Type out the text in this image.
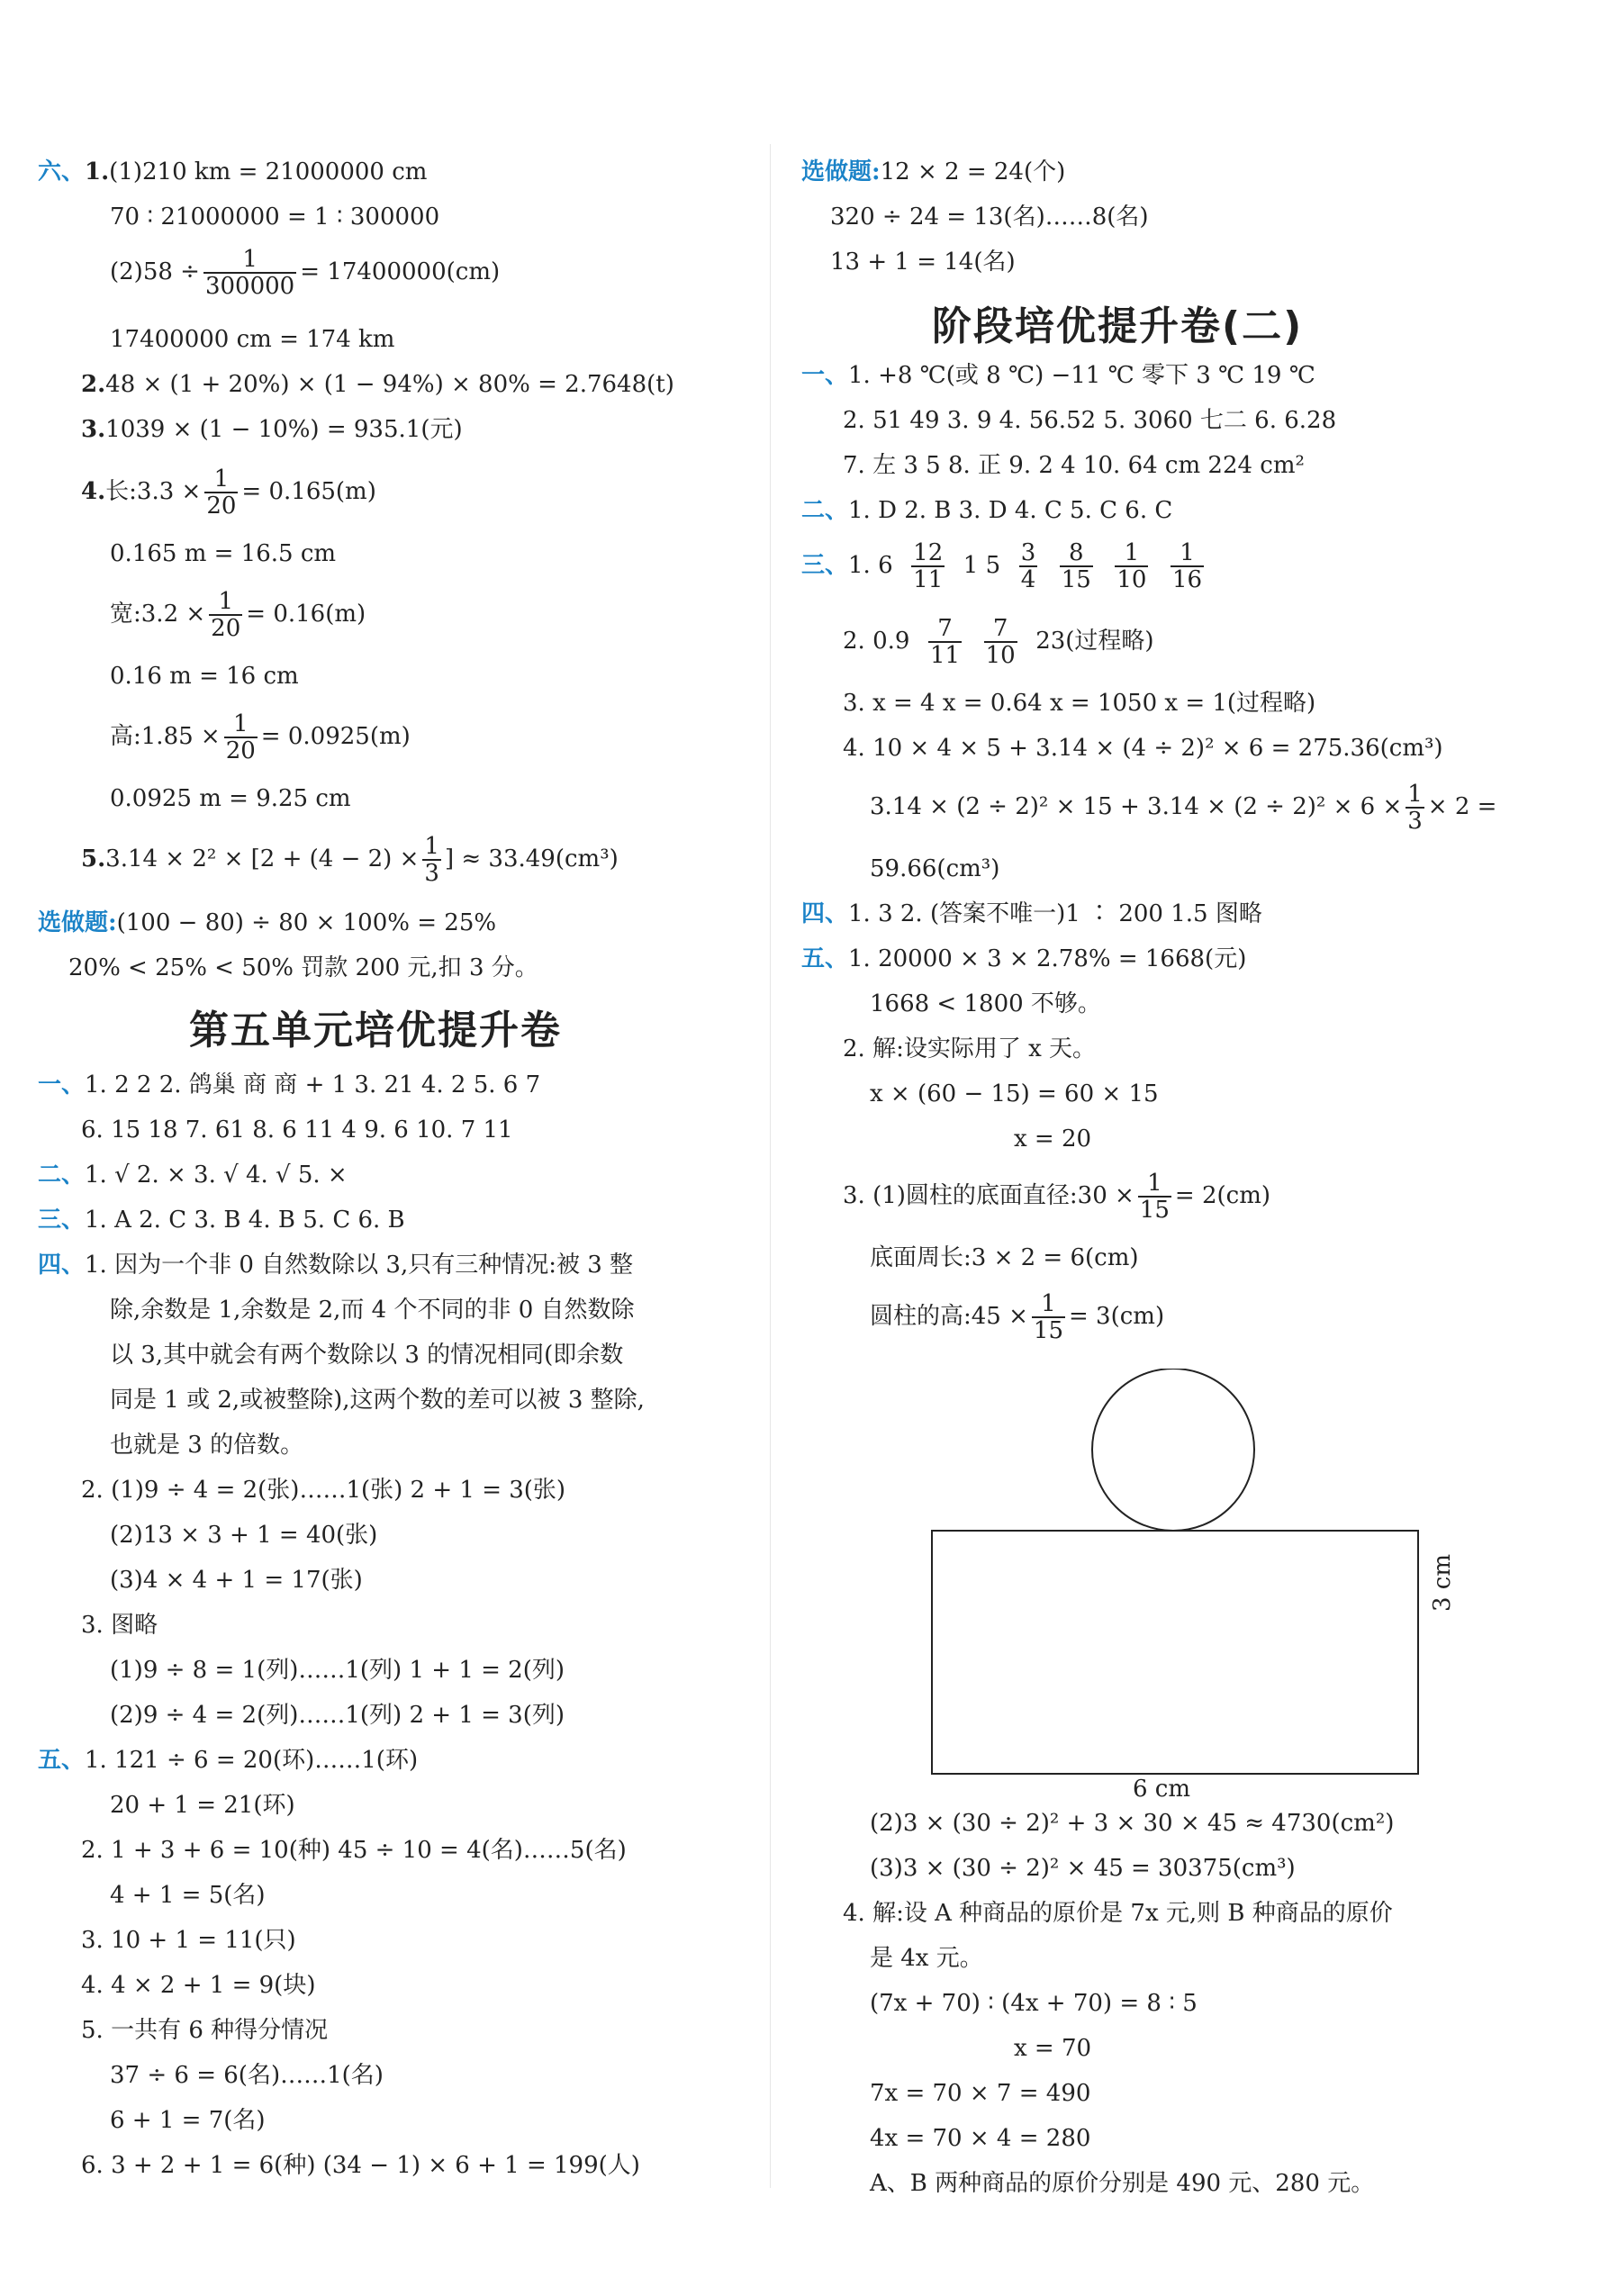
六、1.(1)210 km = 21000000 cm
70 ∶ 21000000 = 1 ∶ 300000
$(2)58 \div \frac{1}{300000} = 17400000(cm)$
17400000 cm = 174 km
2.48 × (1 + 20%) × (1 − 94%) × 80% = 2.7648(t)
3.1039 × (1 − 10%) = 935.1(元)
4.长:3.3 × $\frac{1}{20} = 0.165(m)$
0.165 m = 16.5 cm
宽:3.2 × $\frac{1}{20} = 0.16(m)$
0.16 m = 16 cm
高:1.85 × $\frac{1}{20} = 0.0925(m)$
0.0925 m = 9.25 cm
$5.3.14 \times 2^2 \times [2 + (4 - 2) \times \frac{1}{3}$ ] ≈ 33.49(cm³)
选做题:(100 − 80) ÷ 80 × 100% = 25%
20% < 25% < 50% 罚款 200 元,扣 3 分。
第五单元培优提升卷
一、1. 2 2 2. 鸽巢 商 商 + 1 3. 21 4. 2 5. 6 7
6. 15 18 7. 61 8. 6 11 4 9. 6 10. 7 11
二、1. √ 2. × 3. √ 4. √ 5. ×
三、1. A 2. C 3. B 4. B 5. C 6. B
四、1. 因为一个非 0 自然数除以 3,只有三种情况:被 3 整
除,余数是 1,余数是 2,而 4 个不同的非 0 自然数除
以 3,其中就会有两个数除以 3 的情况相同(即余数
同是 1 或 2,或被整除),这两个数的差可以被 3 整除,
也就是 3 的倍数。
2. (1)9 ÷ 4 = 2(张)……1(张) 2 + 1 = 3(张)
(2)13 × 3 + 1 = 40(张)
(3)4 × 4 + 1 = 17(张)
3. 图略
(1)9 ÷ 8 = 1(列)……1(列) 1 + 1 = 2(列)
(2)9 ÷ 4 = 2(列)……1(列) 2 + 1 = 3(列)
五、1. 121 ÷ 6 = 20(环)……1(环)
20 + 1 = 21(环)
2. 1 + 3 + 6 = 10(种) 45 ÷ 10 = 4(名)……5(名)
4 + 1 = 5(名)
3. 10 + 1 = 11(只)
4. 4 × 2 + 1 = 9(块)
5. 一共有 6 种得分情况
37 ÷ 6 = 6(名)……1(名)
6 + 1 = 7(名)
6. 3 + 2 + 1 = 6(种) (34 − 1) × 6 + 1 = 199(人)
选做题:12 × 2 = 24(个)
320 ÷ 24 = 13(名)……8(名)
13 + 1 = 14(名)
阶段培优提升卷(二)
一、1. +8 ℃(或 8 ℃) −11 ℃ 零下 3 ℃ 19 ℃
2. 51 49 3. 9 4. 56.52 5. 3060 七二 6. 6.28
7. 左 3 5 8. 正 9. 2 4 10. 64 cm 224 cm²
二、1. D 2. B 3. D 4. C 5. C 6. C
三、1. $6 \frac{12}{11} 1$ $5 \frac{3}{4}$
$\frac{8}{15}$
$\frac{1}{10}$
$\frac{1}{16}$
2. $0.9 \frac{7}{11}$
$\frac{7}{10} 23$(过程略)
3. x = 4 x = 0.64 x = 1050 x = 1(过程略)
4. 10 × 4 × 5 + 3.14 × (4 ÷ 2)² × 6 = 275.36(cm³)
$3.14 \times (2 \div 2)^2 \times 15 + 3.14 \times (2 \div 2)^2 \times 6 \times \frac{1}{3} \times 2$ =
59.66(cm³)
四、1. 3 2. (答案不唯一)1 ∶ 200 1.5 图略
五、1. 20000 × 3 × 2.78% = 1668(元)
1668 < 1800 不够。
2. 解:设实际用了 x 天。
x × (60 − 15) = 60 × 15
x = 20
3. (1)圆柱的底面直径:30 × $\frac{1}{15} = 2(cm)$
底面周长:3 × 2 = 6(cm)
圆柱的高:45 × $\frac{1}{15} = 3(cm)$
3 cm
6 cm
(2)3 × (30 ÷ 2)² + 3 × 30 × 45 ≈ 4730(cm²)
(3)3 × (30 ÷ 2)² × 45 = 30375(cm³)
4. 解:设 A 种商品的原价是 7x 元,则 B 种商品的原价
是 4x 元。
(7x + 70) ∶ (4x + 70) = 8 ∶ 5
x = 70
7x = 70 × 7 = 490
4x = 70 × 4 = 280
A、B 两种商品的原价分别是 490 元、280 元。
